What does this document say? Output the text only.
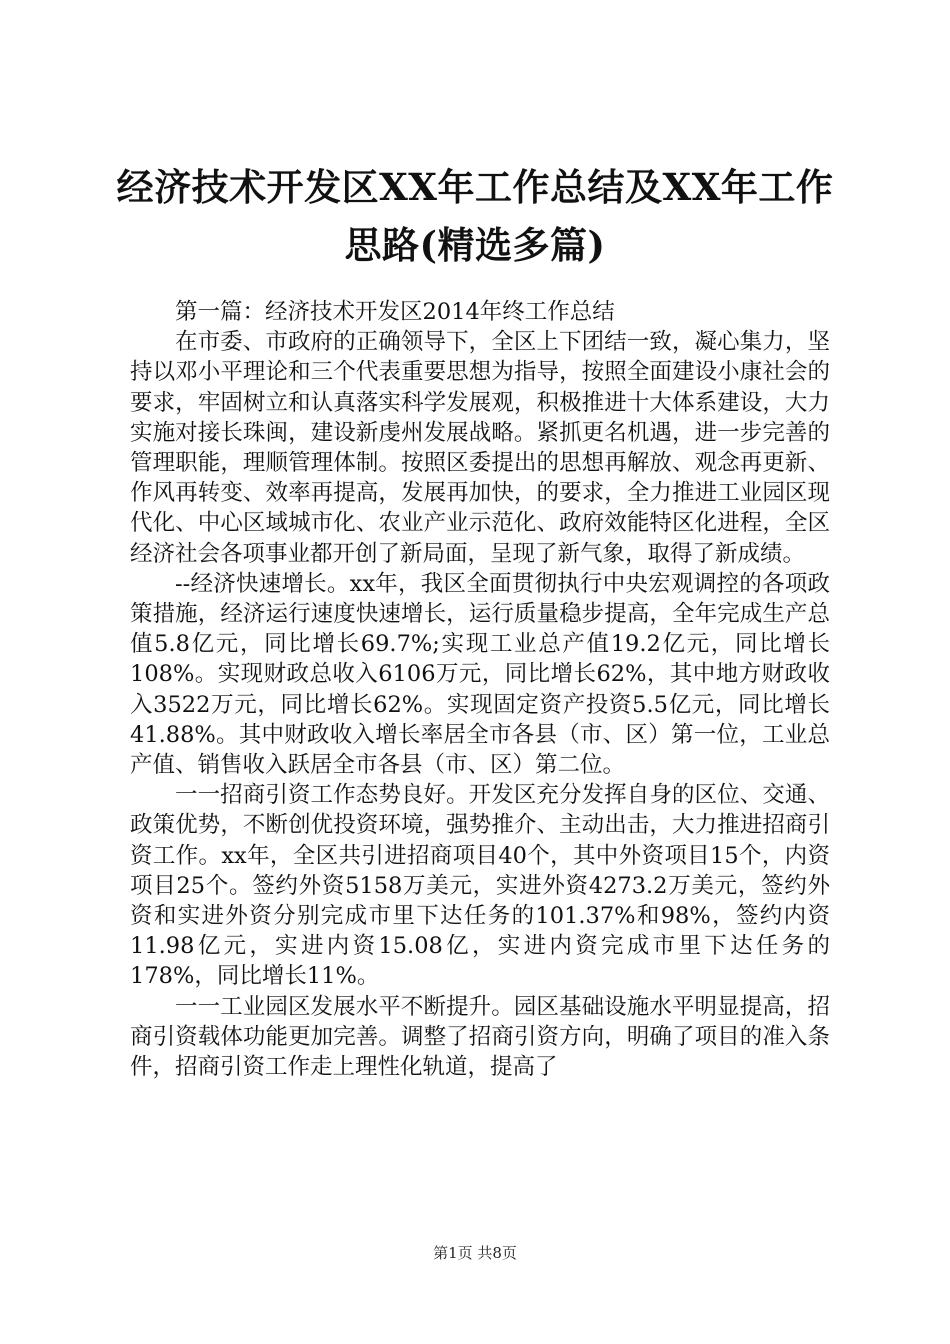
经济技术开发区XX年工作总结及XX年工作思路(精选多篇)

第一篇：经济技术开发区2014年终工作总结

在市委、市政府的正确领导下，全区上下团结一致，凝心集力，坚持以邓小平理论和三个代表重要思想为指导，按照全面建设小康社会的要求，牢固树立和认真落实科学发展观，积极推进十大体系建设，大力实施对接长珠闽，建设新虔州发展战略。紧抓更名机遇，进一步完善的管理职能，理顺管理体制。按照区委提出的思想再解放、观念再更新、作风再转变、效率再提高，发展再加快，的要求，全力推进工业园区现代化、中心区域城市化、农业产业示范化、政府效能特区化进程，全区经济社会各项事业都开创了新局面，呈现了新气象，取得了新成绩。

--经济快速增长。xx年，我区全面贯彻执行中央宏观调控的各项政策措施，经济运行速度快速增长，运行质量稳步提高，全年完成生产总值5.8亿元，同比增长69.7%;实现工业总产值19.2亿元，同比增长108%。实现财政总收入6106万元，同比增长62%，其中地方财政收入3522万元，同比增长62%。实现固定资产投资5.5亿元，同比增长41.88%。其中财政收入增长率居全市各县（市、区）第一位，工业总产值、销售收入跃居全市各县（市、区）第二位。

一一招商引资工作态势良好。开发区充分发挥自身的区位、交通、政策优势，不断创优投资环境，强势推介、主动出击，大力推进招商引资工作。xx年，全区共引进招商项目40个，其中外资项目15个，内资项目25个。签约外资5158万美元，实进外资4273.2万美元，签约外资和实进外资分别完成市里下达任务的101.37%和98%，签约内资11.98亿元，实进内资15.08亿，实进内资完成市里下达任务的178%，同比增长11%。

一一工业园区发展水平不断提升。园区基础设施水平明显提高，招商引资载体功能更加完善。调整了招商引资方向，明确了项目的准入条件，招商引资工作走上理性化轨道，提高了

第1页 共8页
